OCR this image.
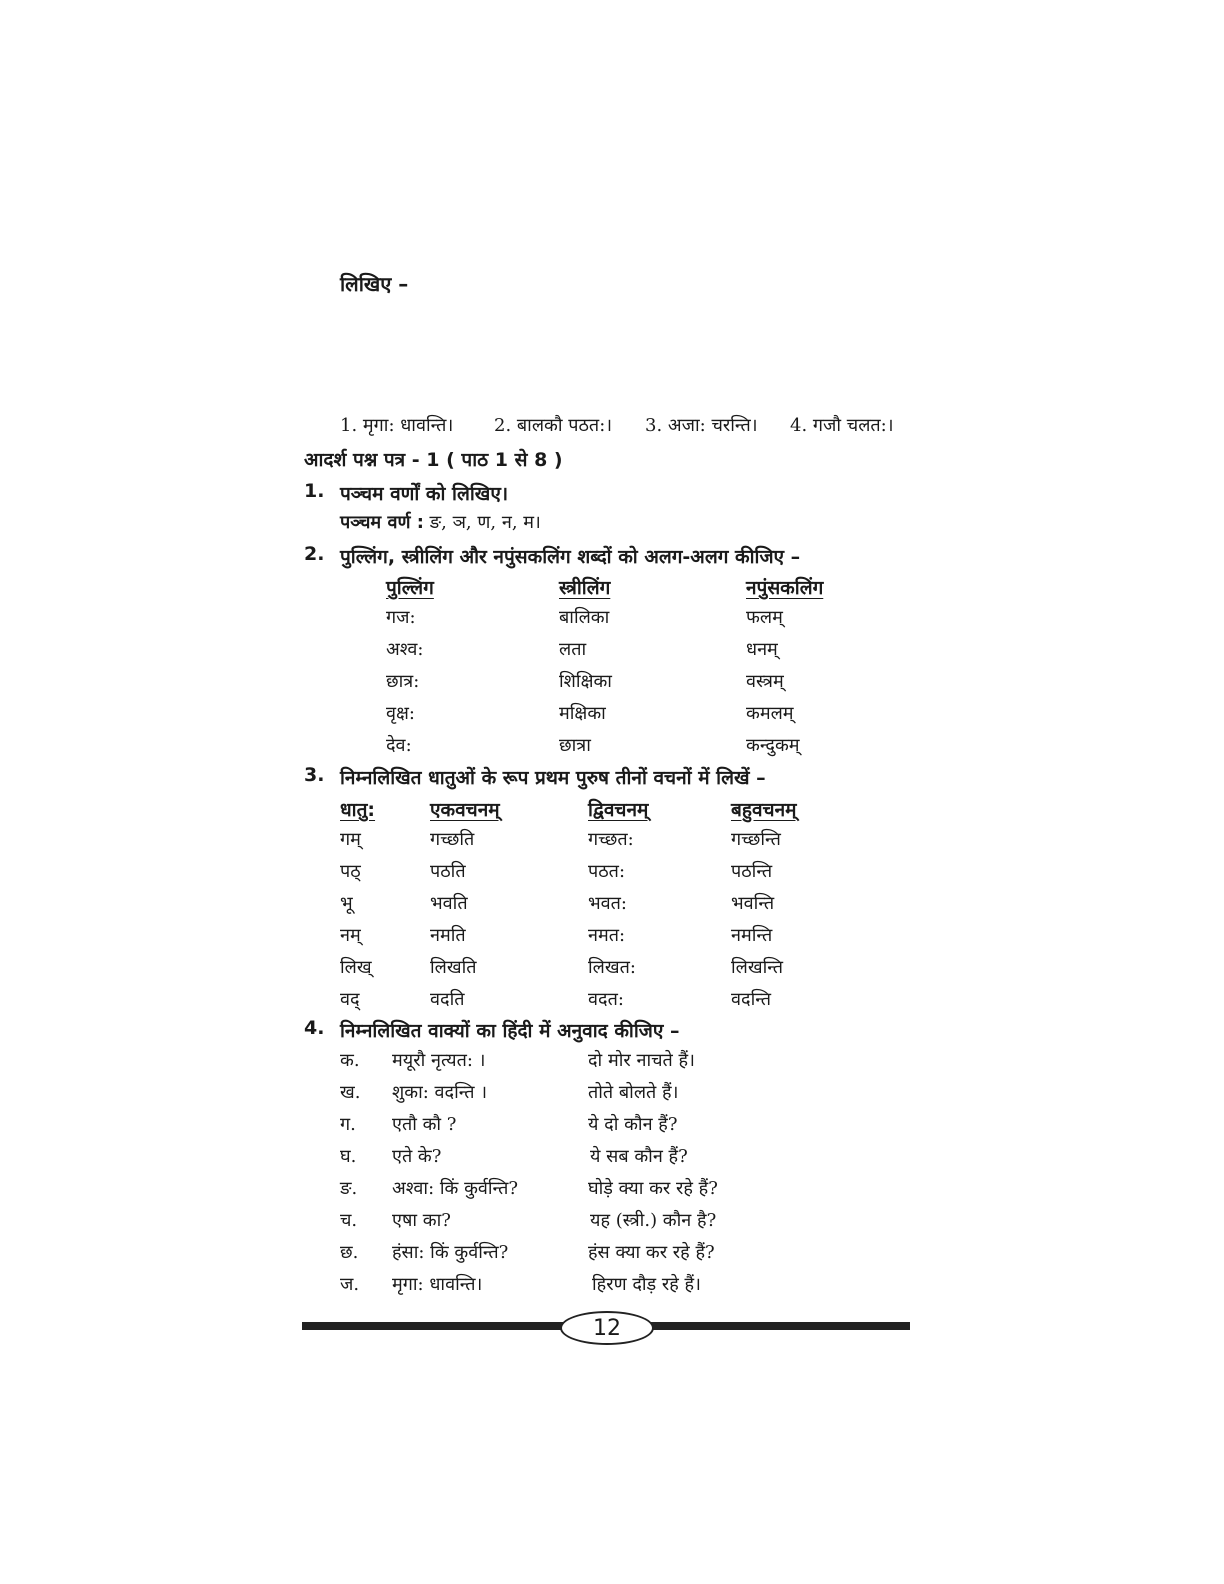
लिखिए –
1. मृगा: धावन्ति। 2. बालकौ पठत:। 3. अजा: चरन्ति। 4. गजौ चलत:।
आदर्श पश्न पत्र - 1 ( पाठ 1 से 8 )
1. पञ्चम वर्णों को लिखिए।
पञ्चम वर्ण : ङ, ञ, ण, न, म।
2. पुल्लिंग, स्त्रीलिंग और नपुंसकलिंग शब्दों को अलग-अलग कीजिए –
पुल्लिंग	स्त्रीलिंग	नपुंसकलिंग
गज:	बालिका	फलम्
अश्व:	लता	धनम्
छात्र:	शिक्षिका	वस्त्रम्
वृक्ष:	मक्षिका	कमलम्
देव:	छात्रा	कन्दुकम्
3. निम्नलिखित धातुओं के रूप प्रथम पुरुष तीनों वचनों में लिखें –
धातु:	एकवचनम्	द्विवचनम्	बहुवचनम्
गम्	गच्छति	गच्छत:	गच्छन्ति
पठ्	पठति	पठत:	पठन्ति
भू	भवति	भवत:	भवन्ति
नम्	नमति	नमत:	नमन्ति
लिख्	लिखति	लिखत:	लिखन्ति
वद्	वदति	वदत:	वदन्ति
4. निम्नलिखित वाक्यों का हिंदी में अनुवाद कीजिए –
क. मयूरौ नृत्यत: ।	दो मोर नाचते हैं।
ख. शुका: वदन्ति ।	तोते बोलते हैं।
ग. एतौ कौ ?	ये दो कौन हैं?
घ. एते के?	ये सब कौन हैं?
ङ. अश्वा: किं कुर्वन्ति?	घोड़े क्या कर रहे हैं?
च. एषा का?	यह (स्त्री.) कौन है?
छ. हंसा: किं कुर्वन्ति?	हंस क्या कर रहे हैं?
ज. मृगा: धावन्ति।	हिरण दौड़ रहे हैं।
12
